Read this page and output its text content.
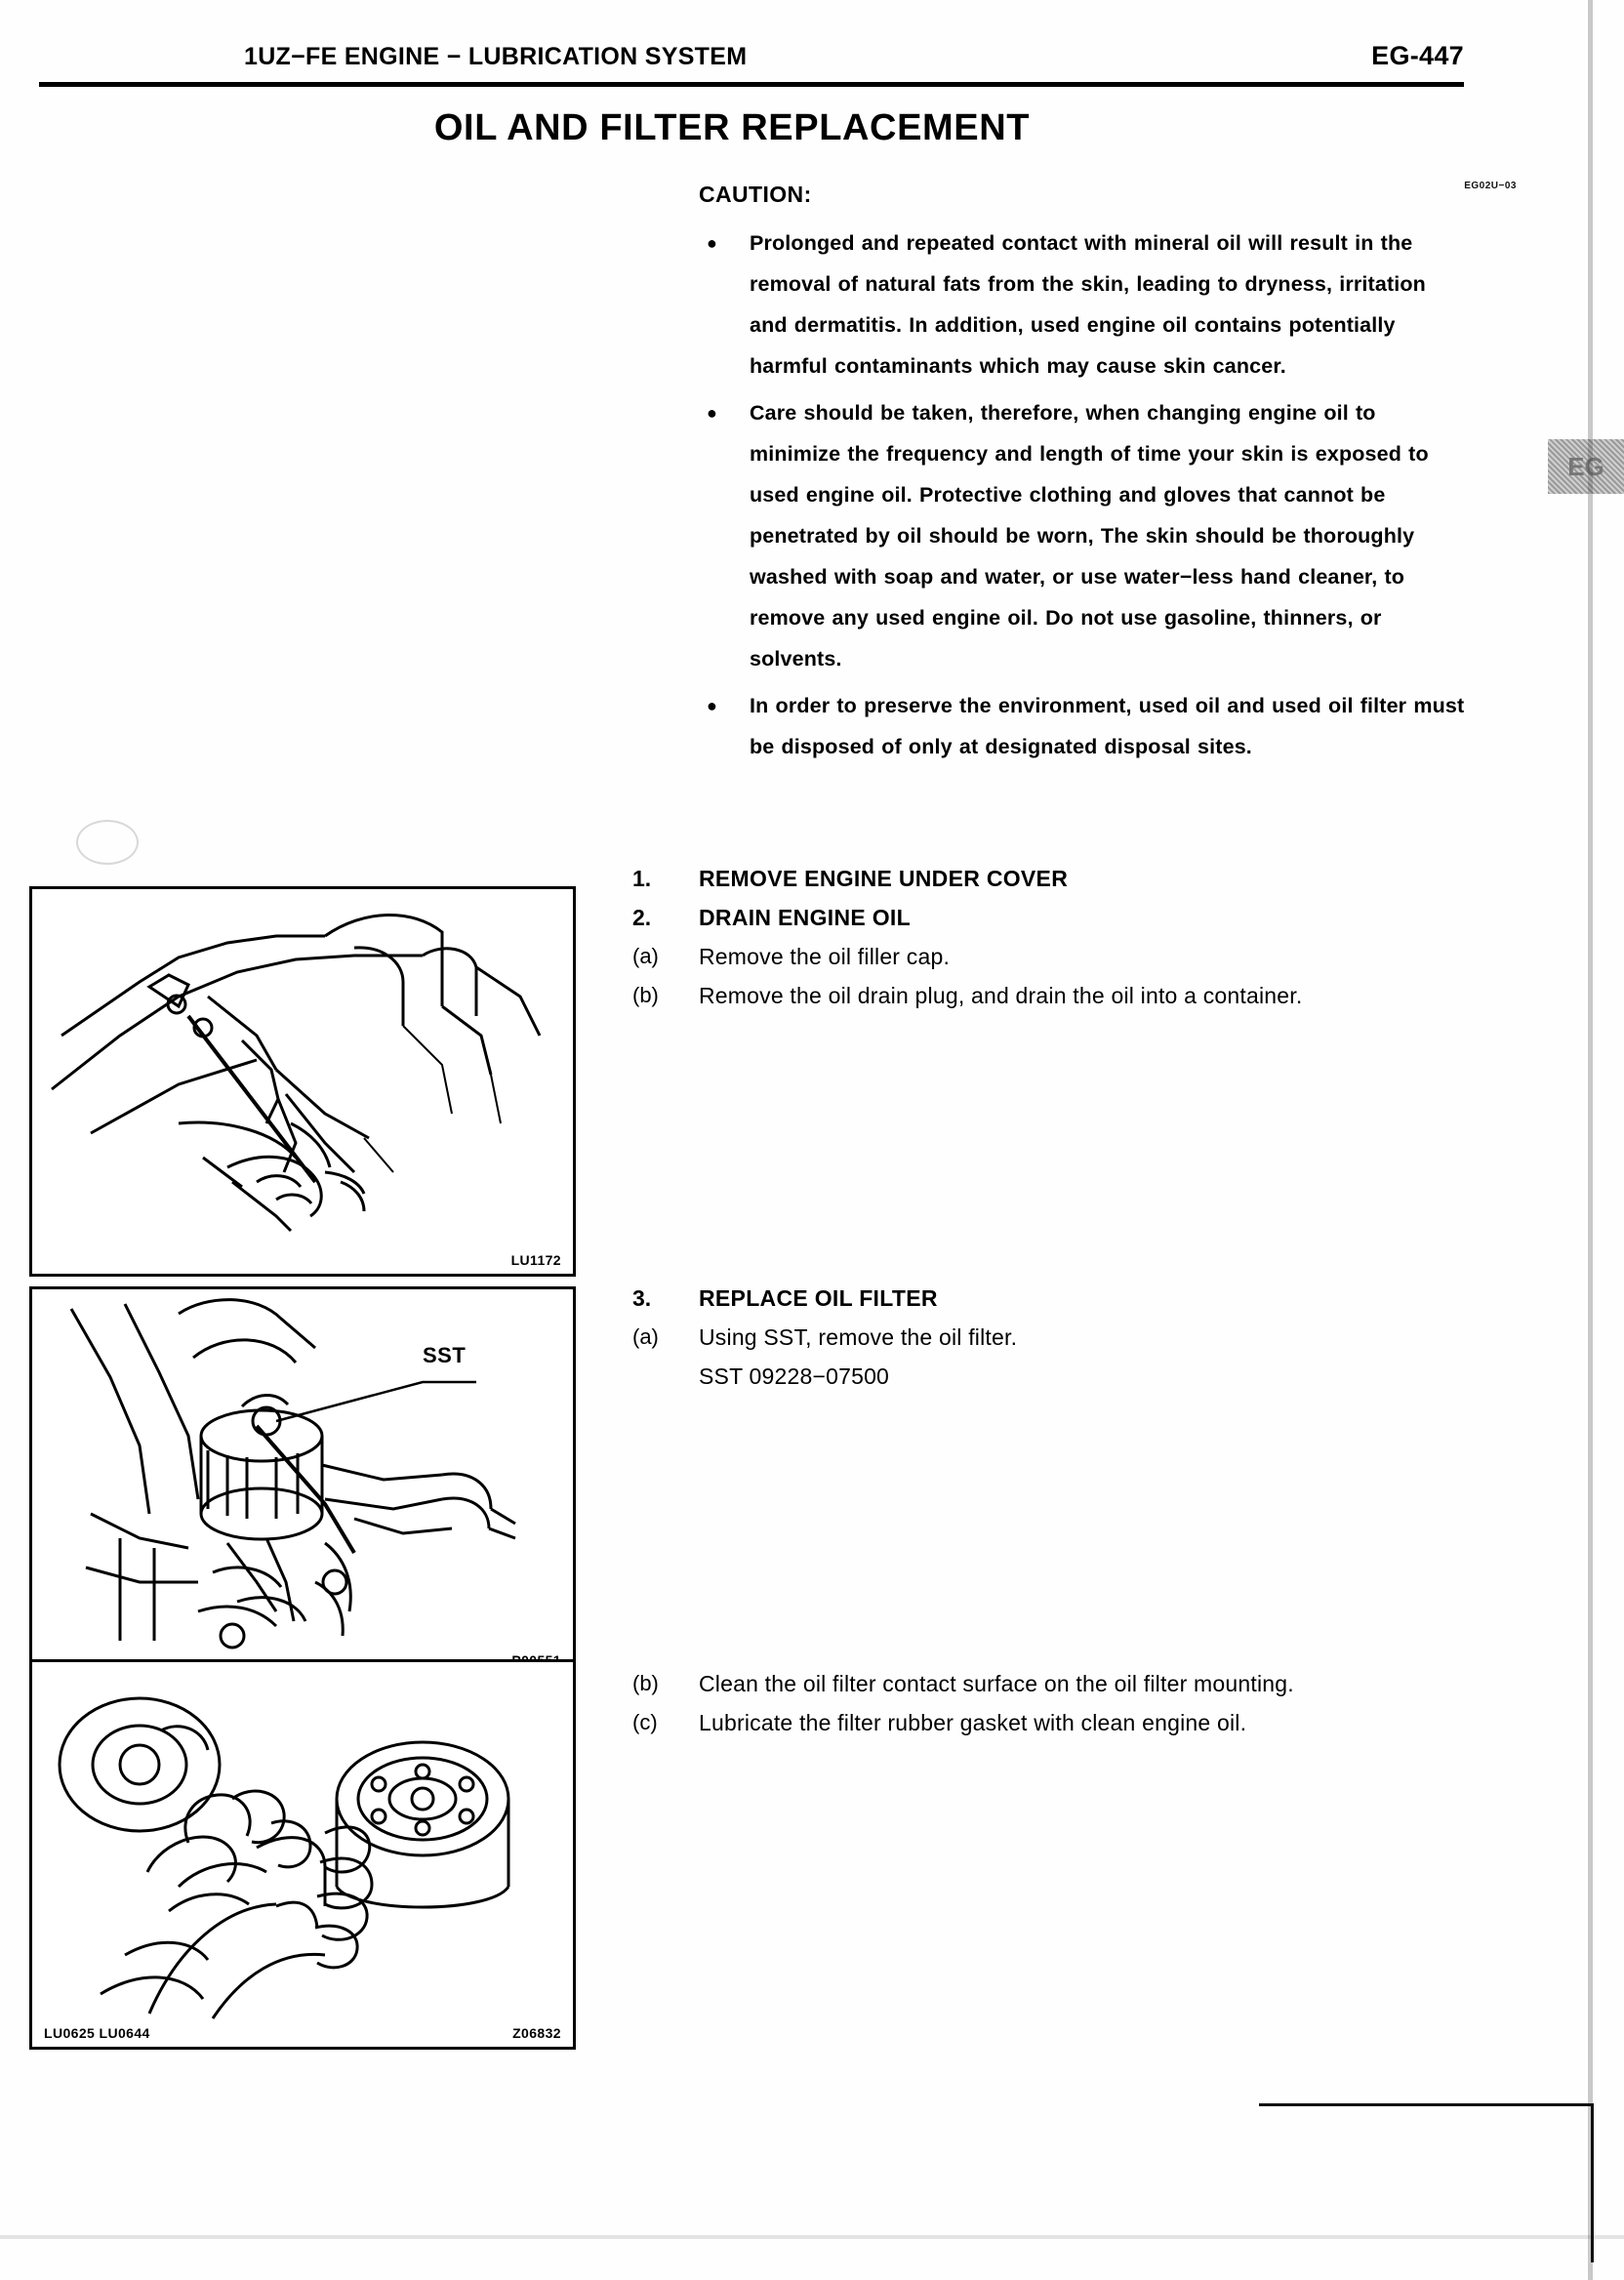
1UZ−FE ENGINE − LUBRICATION SYSTEM	EG-447
OIL AND FILTER REPLACEMENT
EG02U−03
EG
CAUTION:
●	Prolonged and repeated contact with mineral oil will result in the removal of natural fats from the skin, leading to dryness, irritation and dermatitis. In addition, used engine oil contains potentially harmful contaminants which may cause skin cancer.
●	Care should be taken, therefore, when changing engine oil to minimize the frequency and length of time your skin is exposed to used engine oil. Protective clothing and gloves that cannot be penetrated by oil should be worn, The skin should be thoroughly washed with soap and water, or use water−less hand cleaner, to remove any used engine oil. Do not use gasoline, thinners, or solvents.
●	In order to preserve the environment, used oil and used oil filter must be disposed of only at designated disposal sites.
1.	REMOVE ENGINE UNDER COVER
2.	DRAIN ENGINE OIL
(a)	Remove the oil filler cap.
(b)	Remove the oil drain plug, and drain the oil into a container.
3.	REPLACE OIL FILTER
(a)	Using SST, remove the oil filter.
SST 09228−07500
(b)	Clean the oil filter contact surface on the oil filter mounting.
(c)	Lubricate the filter rubber gasket with clean engine oil.
LU1172
SST
LU0625 LU0644	Z06832
